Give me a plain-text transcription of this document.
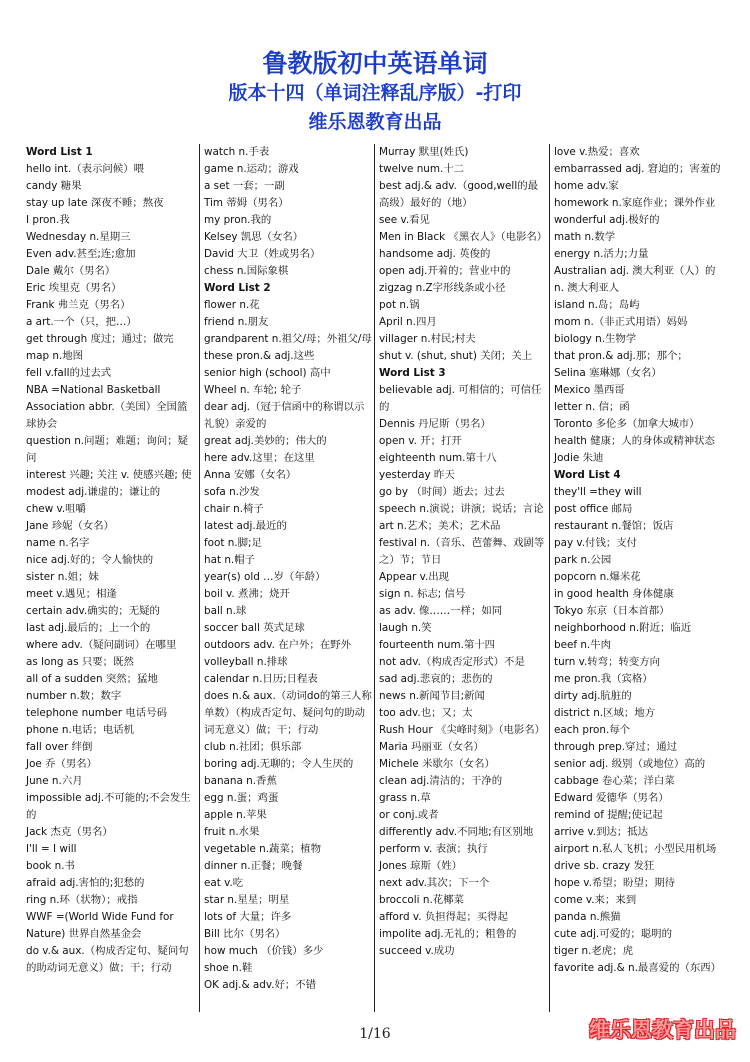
鲁教版初中英语单词
版本十四（单词注释乱序版）-打印
维乐恩教育出品
Word List 1
hello int.（表示问候）喂
candy 糖果
stay up late 深夜不睡；熬夜
I pron.我
Wednesday n.星期三
Even adv.甚至;连;愈加
Dale 戴尔（男名）
Eric 埃里克（男名）
Frank 弗兰克（男名）
a art.一个（只，把…）
get through 度过；通过；做完
map n.地图
fell v.fall的过去式
NBA =National Basketball
Association abbr.（美国）全国篮球协会
question n.问题；难题；询问；疑问
interest 兴趣; 关注 v. 使感兴趣; 使
modest adj.谦虚的；谦让的
chew v.咀嚼
Jane 珍妮（女名）
name n.名字
nice adj.好的；令人愉快的
sister n.姐；妹
meet v.遇见；相逢
certain adv.确实的；无疑的
last adj.最后的；上一个的
where adv.（疑问副词）在哪里
as long as 只要；既然
all of a sudden 突然；猛地
number n.数；数字
telephone number 电话号码
phone n.电话；电话机
fall over 绊倒
Joe 乔（男名）
June n.六月
impossible adj.不可能的;不会发生的
Jack 杰克（男名）
I'll = I will
book n.书
afraid adj.害怕的;犯愁的
ring n.环（状物）；戒指
WWF =(World Wide Fund for
Nature) 世界自然基金会
do v.& aux.（构成否定句、疑问句的助动词无意义）做；干；行动
watch n.手表
game n.运动；游戏
a set 一套；一副
Tim 蒂姆（男名）
my pron.我的
Kelsey 凯思（女名）
David 大卫（姓或男名）
chess n.国际象棋
Word List 2
flower n.花
friend n.朋友
grandparent n.祖父/母；外祖父/母
these pron.& adj.这些
senior high (school) 高中
Wheel n. 车轮; 轮子
dear adj.（冠于信函中的称谓以示礼貌）亲爱的
great adj.美妙的；伟大的
here adv.这里；在这里
Anna 安娜（女名）
sofa n.沙发
chair n.椅子
latest adj.最近的
foot n.脚;足
hat n.帽子
year(s) old …岁（年龄）
boil v. 煮沸；烧开
ball n.球
soccer ball 英式足球
outdoors adv. 在户外；在野外
volleyball n.排球
calendar n.日历;日程表
does n.& aux.（动词do的第三人称单数）（构成否定句、疑问句的助动词无意义）做；干；行动
club n.社团；俱乐部
boring adj.无聊的；令人生厌的
banana n.香蕉
egg n.蛋；鸡蛋
apple n.苹果
fruit n.水果
vegetable n.蔬菜；植物
dinner n.正餐；晚餐
eat v.吃
star n.星星；明星
lots of 大量；许多
Bill 比尔（男名）
how much （价钱）多少
shoe n.鞋
OK adj.& adv.好；不错
Murray 默里(姓氏)
twelve num.十二
best adj.& adv.（good,well的最高级）最好的（地）
see v.看见
Men in Black 《黑衣人》（电影名）
handsome adj. 英俊的
open adj.开着的；营业中的
zigzag n.Z字形线条或小径
pot n.锅
April n.四月
villager n.村民;村夫
shut v. (shut, shut) 关闭；关上
Word List 3
believable adj. 可相信的；可信任的
Dennis 丹尼斯（男名）
open v. 开；打开
eighteenth num.第十八
yesterday 昨天
go by （时间）逝去；过去
speech n.演说；讲演；说话；言论
art n.艺术；美术；艺术品
festival n.（音乐、芭蕾舞、戏剧等之）节；节日
Appear v.出现
sign n. 标志; 信号
as adv. 像……一样；如同
laugh n.笑
fourteenth num.第十四
not adv.（构成否定形式）不是
sad adj.悲哀的；悲伤的
news n.新闻节目;新闻
too adv.也；又；太
Rush Hour 《尖峰时刻》（电影名）
Maria 玛丽亚（女名）
Michele 米歇尔（女名）
clean adj.清洁的；干净的
grass n.草
or conj.或者
differently adv.不同地;有区别地
perform v. 表演；执行
Jones 琼斯（姓）
next adv.其次；下一个
broccoli n.花椰菜
afford v. 负担得起；买得起
impolite adj.无礼的；粗鲁的
succeed v.成功
love v.热爱；喜欢
embarrassed adj. 窘迫的；害羞的
home adv.家
homework n.家庭作业；课外作业
wonderful adj.极好的
math n.数学
energy n.活力;力量
Australian adj. 澳大利亚（人）的 n. 澳大利亚人
island n.岛；岛屿
mom n.（非正式用语）妈妈
biology n.生物学
that pron.& adj.那；那个；
Selina 塞琳娜（女名）
Mexico 墨西哥
letter n. 信；函
Toronto 多伦多（加拿大城市）
health 健康；人的身体或精神状态
Jodie 朱迪
Word List 4
they'll =they will
post office 邮局
restaurant n.餐馆；饭店
pay v.付钱；支付
park n.公园
popcorn n.爆米花
in good health 身体健康
Tokyo 东京（日本首都）
neighborhood n.附近；临近
beef n.牛肉
turn v.转弯；转变方向
me pron.我（宾格）
dirty adj.肮脏的
district n.区域；地方
each pron.每个
through prep.穿过；通过
senior adj. 级别（或地位）高的
cabbage 卷心菜；洋白菜
Edward 爱德华（男名）
remind of 提醒;使记起
arrive v.到达；抵达
airport n.私人飞机；小型民用机场
drive sb. crazy 发狂
hope v.希望；盼望；期待
come v.来；来到
panda n.熊猫
cute adj.可爱的；聪明的
tiger n.老虎；虎
favorite adj.& n.最喜爱的（东西）
1/16	维乐恩教育出品
